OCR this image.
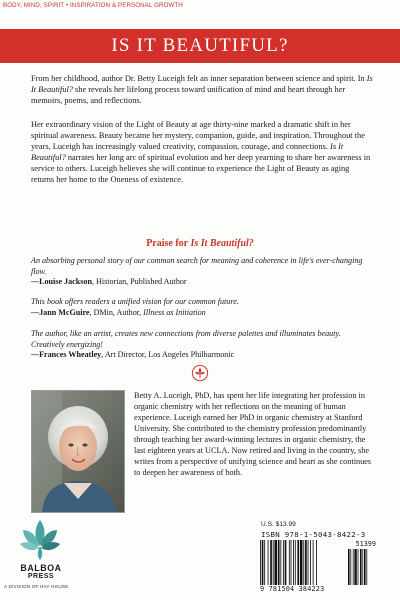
BODY, MIND, SPIRIT • INSPIRATION & PERSONAL GROWTH
IS IT BEAUTIFUL?

From her childhood, author Dr. Betty Luceigh felt an inner separation between science and spirit. In Is It Beautiful? she reveals her lifelong process toward unification of mind and heart through her memoirs, poems, and reflections.

Her extraordinary vision of the Light of Beauty at age thirty-nine marked a dramatic shift in her spiritual awareness. Beauty became her mystery, companion, guide, and inspiration. Throughout the years, Luceigh has increasingly valued creativity, compassion, courage, and connections. Is It Beautiful? narrates her long arc of spiritual evolution and her deep yearning to share her awareness in service to others. Luceigh believes she will continue to experience the Light of Beauty as aging returns her home to the Oneness of existence.

Praise for Is It Beautiful?

An absorbing personal story of our common search for meaning and coherence in life's ever-changing flow.

—Louise Jackson, Historian, Published Author

This book offers readers a unified vision for our common future.

—Jann McGuire, DMin, Author, Illness as Initiation

The author, like an artist, creates new connections from diverse palettes and illuminates beauty. Creatively energizing!

—Frances Wheatley, Art Director, Los Angeles Philharmonic

Betty A. Luceigh, PhD, has spent her life integrating her profession in organic chemistry with her reflections on the meaning of human experience. Luceigh earned her PhD in organic chemistry at Stanford University. She contributed to the chemistry profession predominantly through teaching her award-winning lectures in organic chemistry, the last eighteen years at UCLA. Now retired and living in the country, she writes from a perspective of unifying science and heart as she continues to deepen her awareness of both.

BALBOA
PRESS
A DIVISION OF HAY HOUSE
U.S. $13.99
ISBN 978-1-5043-8422-3
51399
9 781504 384223
